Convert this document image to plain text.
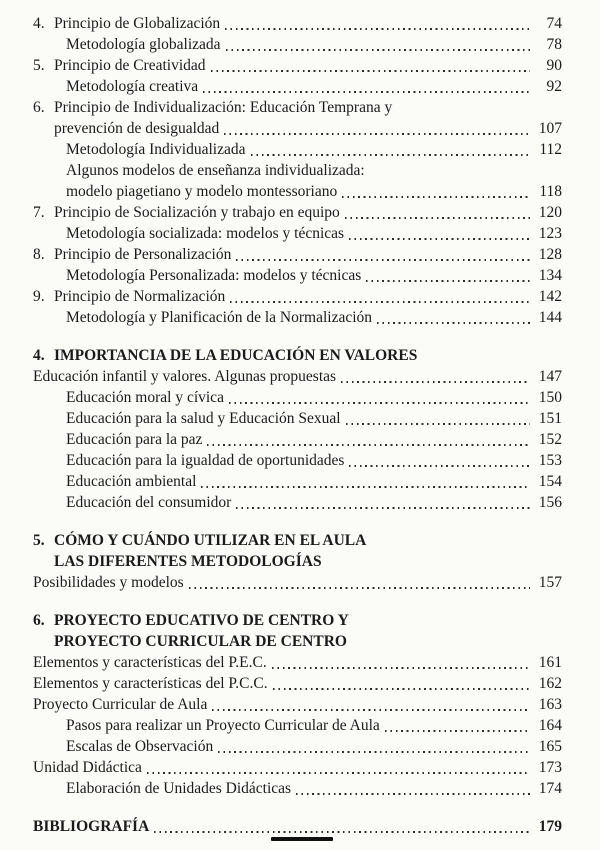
4. Principio de Globalización	74
Metodología globalizada	78
5. Principio de Creatividad	90
Metodología creativa	92
6. Principio de Individualización: Educación Temprana y
prevención de desigualdad	107
Metodología Individualizada	112
Algunos modelos de enseñanza individualizada:
modelo piagetiano y modelo montessoriano	118
7. Principio de Socialización y trabajo en equipo	120
Metodología socializada: modelos y técnicas	123
8. Principio de Personalización	128
Metodología Personalizada: modelos y técnicas	134
9. Principio de Normalización	142
Metodología y Planificación de la Normalización	144
4. IMPORTANCIA DE LA EDUCACIÓN EN VALORES
Educación infantil y valores. Algunas propuestas	147
Educación moral y cívica	150
Educación para la salud y Educación Sexual	151
Educación para la paz	152
Educación para la igualdad de oportunidades	153
Educación ambiental	154
Educación del consumidor	156
5. CÓMO Y CUÁNDO UTILIZAR EN EL AULA
LAS DIFERENTES METODOLOGÍAS
Posibilidades y modelos	157
6. PROYECTO EDUCATIVO DE CENTRO Y
PROYECTO CURRICULAR DE CENTRO
Elementos y características del P.E.C.	161
Elementos y características del P.C.C.	162
Proyecto Curricular de Aula	163
Pasos para realizar un Proyecto Curricular de Aula	164
Escalas de Observación	165
Unidad Didáctica	173
Elaboración de Unidades Didácticas	174
BIBLIOGRAFÍA	179
